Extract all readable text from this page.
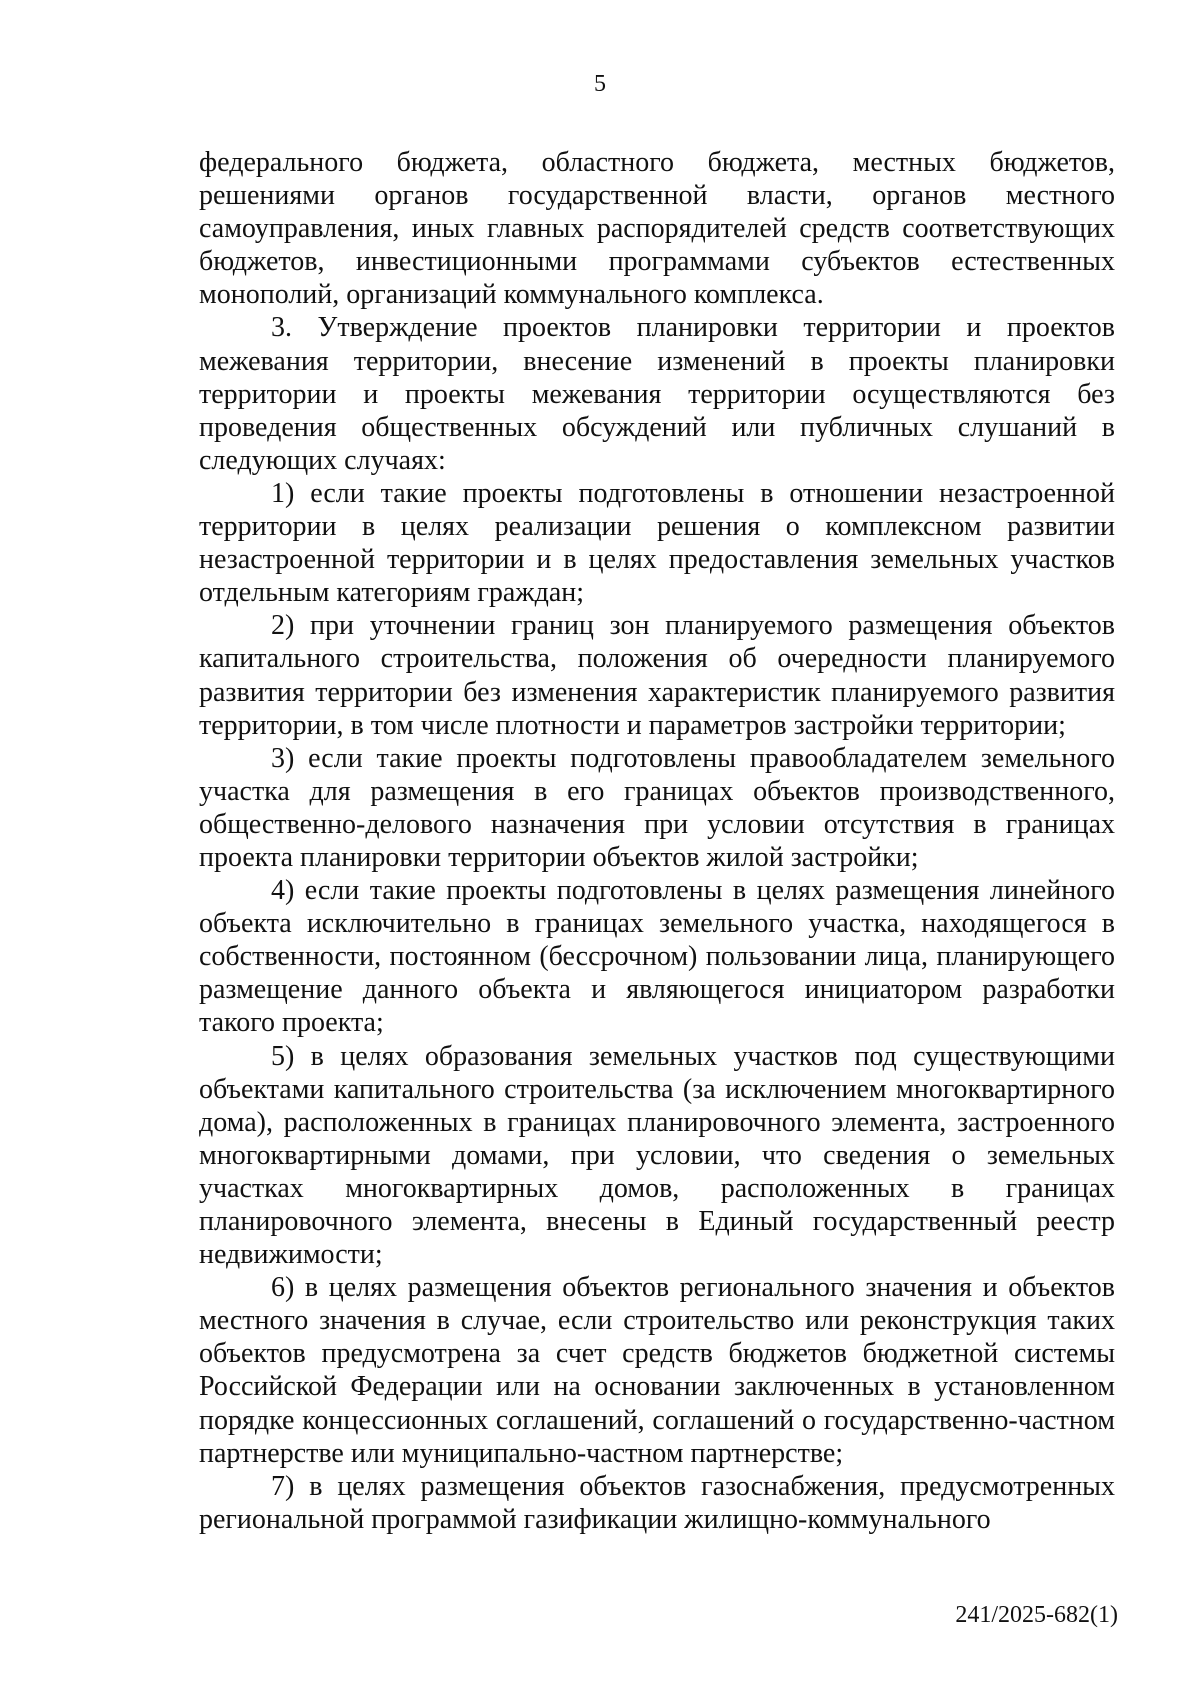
5

федерального бюджета, областного бюджета, местных бюджетов, решениями органов государственной власти, органов местного самоуправления, иных главных распорядителей средств соответствующих бюджетов, инвестиционными программами субъектов естественных монополий, организаций коммунального комплекса.

3. Утверждение проектов планировки территории и проектов межевания территории, внесение изменений в проекты планировки территории и проекты межевания территории осуществляются без проведения общественных обсуждений или публичных слушаний в следующих случаях:

1) если такие проекты подготовлены в отношении незастроенной территории в целях реализации решения о комплексном развитии незастроенной территории и в целях предоставления земельных участков отдельным категориям граждан;

2) при уточнении границ зон планируемого размещения объектов капитального строительства, положения об очередности планируемого развития территории без изменения характеристик планируемого развития территории, в том числе плотности и параметров застройки территории;

3) если такие проекты подготовлены правообладателем земельного участка для размещения в его границах объектов производственного, общественно-делового назначения при условии отсутствия в границах проекта планировки территории объектов жилой застройки;

4) если такие проекты подготовлены в целях размещения линейного объекта исключительно в границах земельного участка, находящегося в собственности, постоянном (бессрочном) пользовании лица, планирующего размещение данного объекта и являющегося инициатором разработки такого проекта;

5) в целях образования земельных участков под существующими объектами капитального строительства (за исключением многоквартирного дома), расположенных в границах планировочного элемента, застроенного многоквартирными домами, при условии, что сведения о земельных участках многоквартирных домов, расположенных в границах планировочного элемента, внесены в Единый государственный реестр недвижимости;

6) в целях размещения объектов регионального значения и объектов местного значения в случае, если строительство или реконструкция таких объектов предусмотрена за счет средств бюджетов бюджетной системы Российской Федерации или на основании заключенных в установленном порядке концессионных соглашений, соглашений о государственно-частном партнерстве или муниципально-частном партнерстве;

7) в целях размещения объектов газоснабжения, предусмотренных региональной программой газификации жилищно-коммунального

241/2025-682(1)
